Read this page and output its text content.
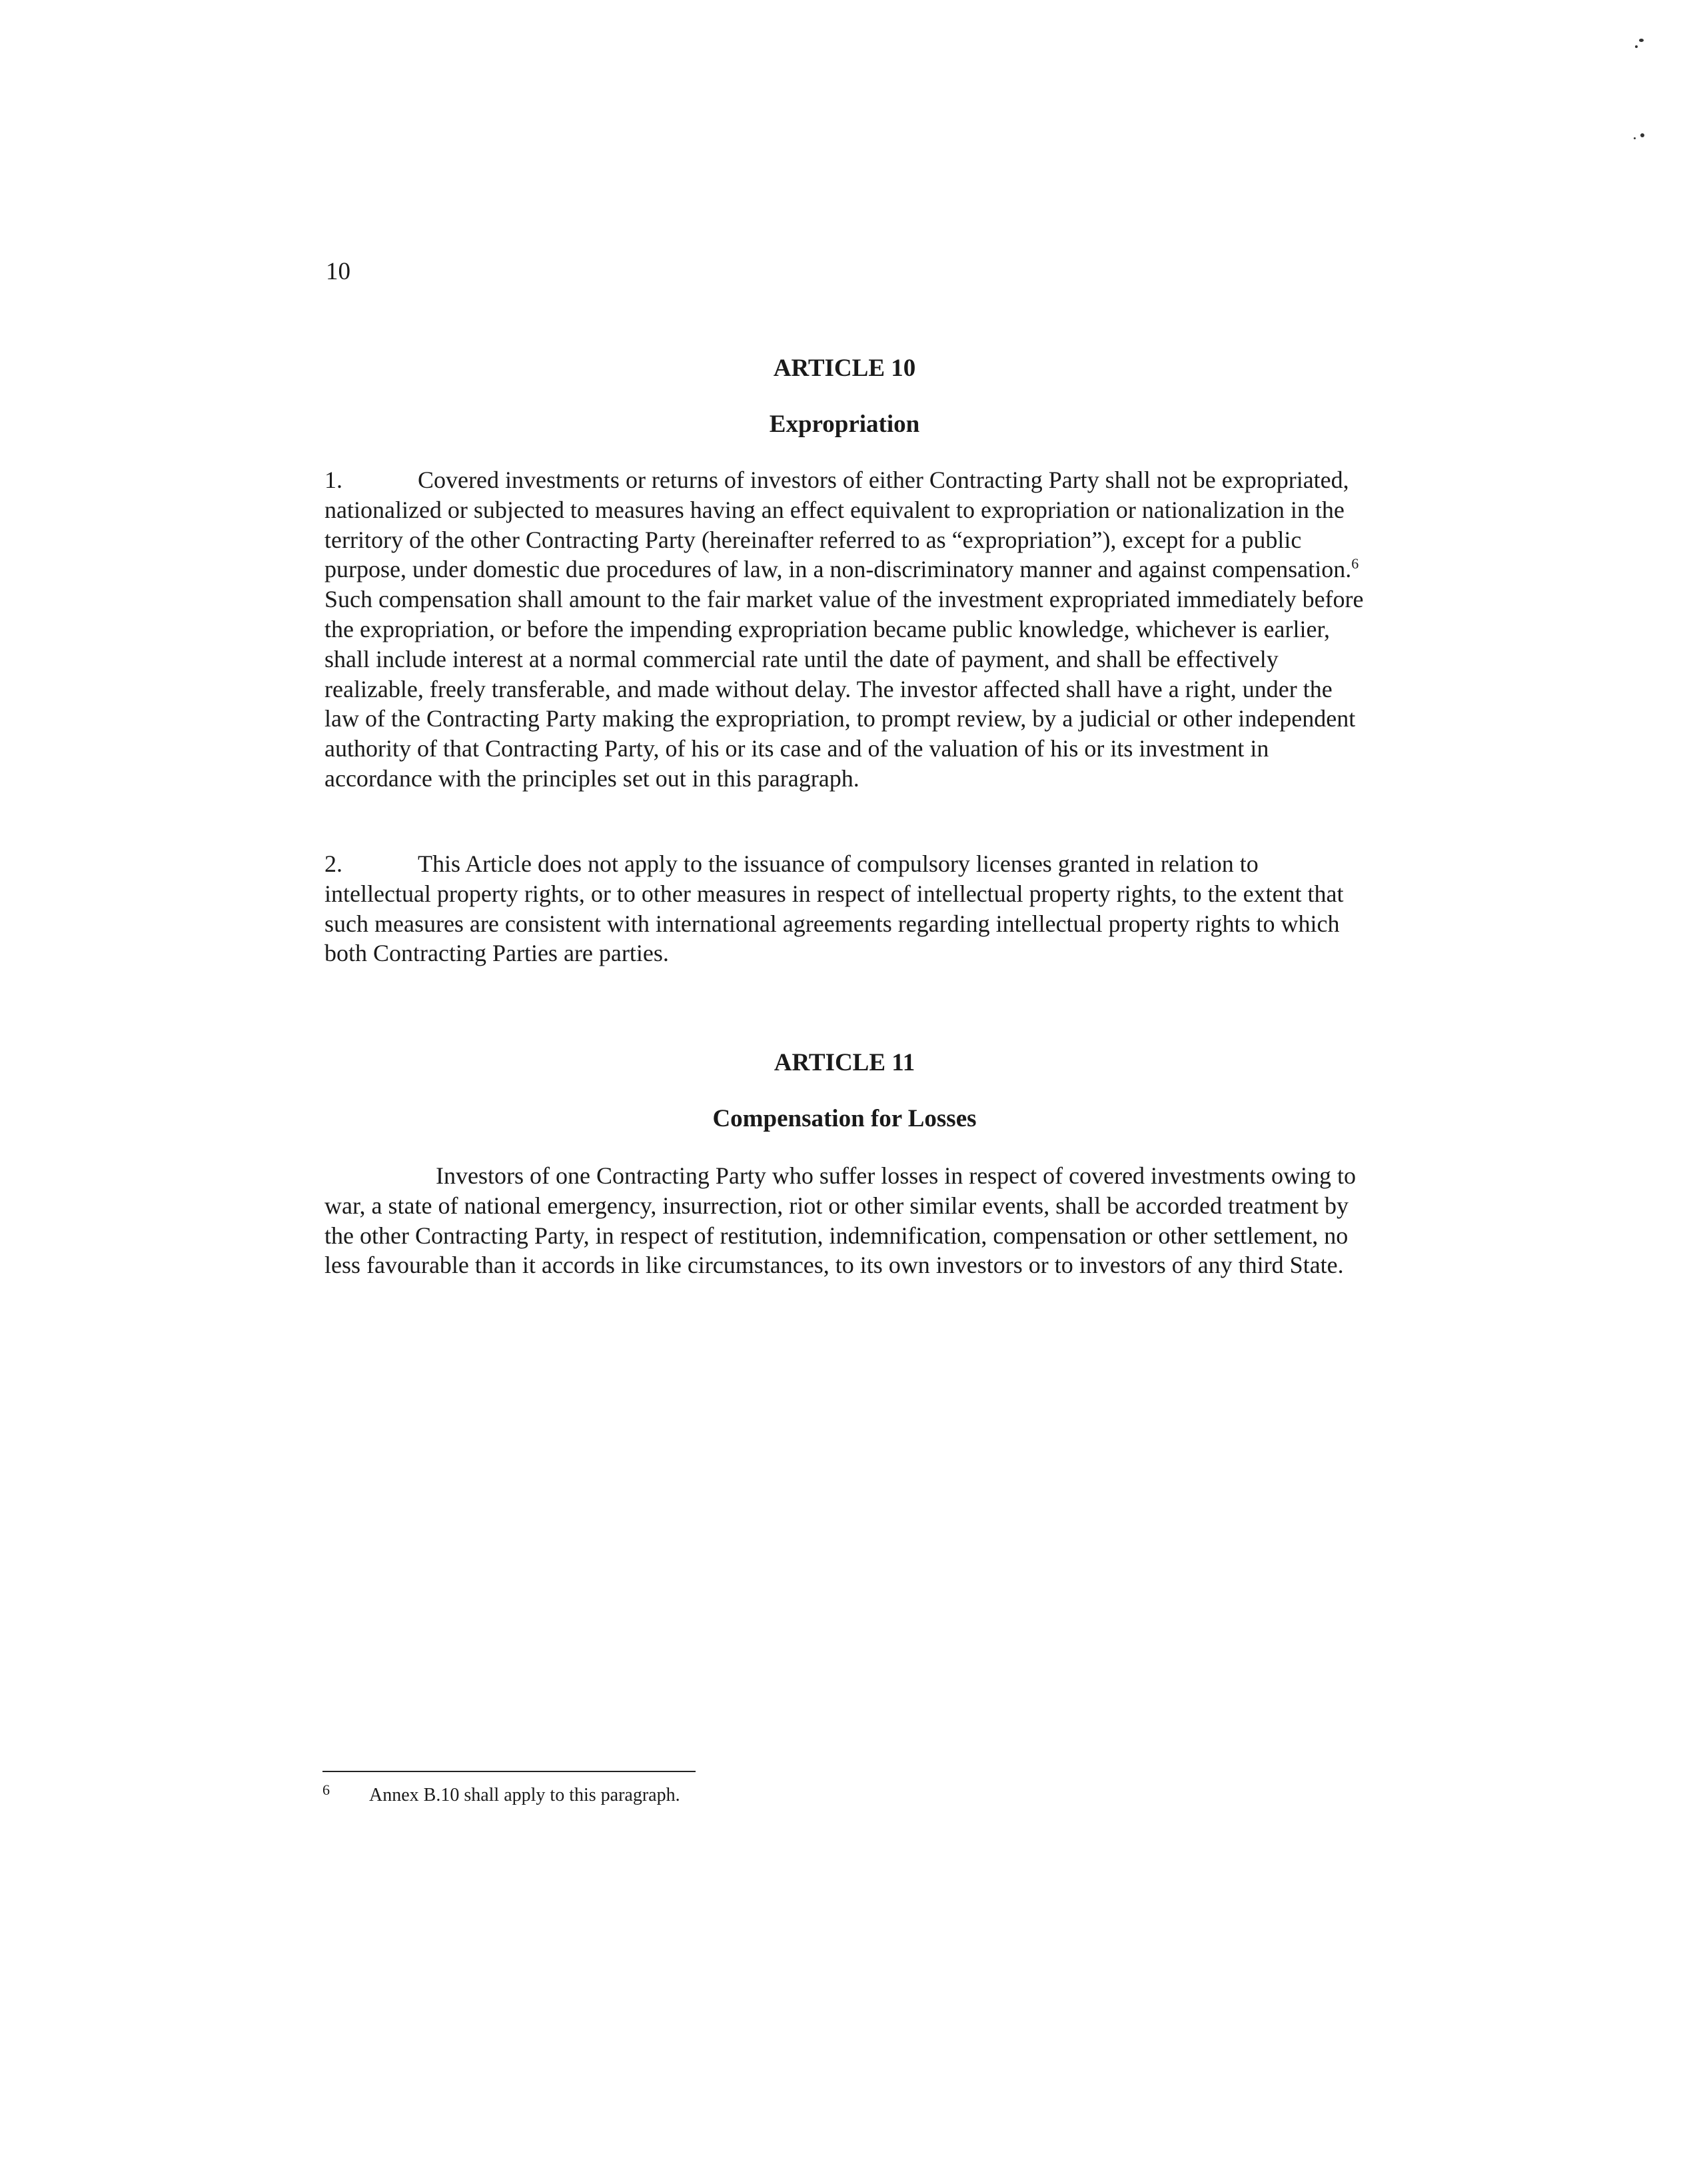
10
ARTICLE 10
Expropriation

1.	Covered investments or returns of investors of either Contracting Party shall not be expropriated, nationalized or subjected to measures having an effect equivalent to expropriation or nationalization in the territory of the other Contracting Party (hereinafter referred to as “expropriation”), except for a public purpose, under domestic due procedures of law, in a non-discriminatory manner and against compensation.$^6$ Such compensation shall amount to the fair market value of the investment expropriated immediately before the expropriation, or before the impending expropriation became public knowledge, whichever is earlier, shall include interest at a normal commercial rate until the date of payment, and shall be effectively realizable, freely transferable, and made without delay. The investor affected shall have a right, under the law of the Contracting Party making the expropriation, to prompt review, by a judicial or other independent authority of that Contracting Party, of his or its case and of the valuation of his or its investment in accordance with the principles set out in this paragraph.

2.	This Article does not apply to the issuance of compulsory licenses granted in relation to intellectual property rights, or to other measures in respect of intellectual property rights, to the extent that such measures are consistent with international agreements regarding intellectual property rights to which both Contracting Parties are parties.

ARTICLE 11
Compensation for Losses

Investors of one Contracting Party who suffer losses in respect of covered investments owing to war, a state of national emergency, insurrection, riot or other similar events, shall be accorded treatment by the other Contracting Party, in respect of restitution, indemnification, compensation or other settlement, no less favourable than it accords in like circumstances, to its own investors or to investors of any third State.

6 Annex B.10 shall apply to this paragraph.
